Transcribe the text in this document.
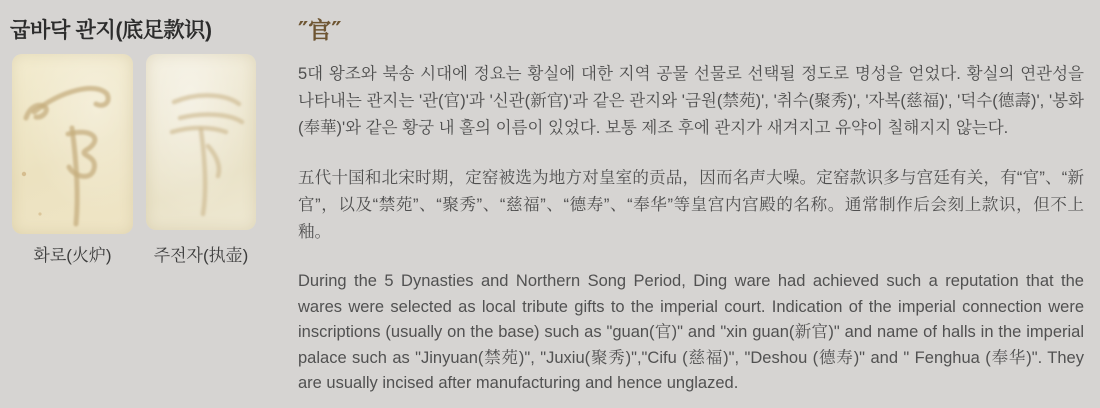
굽바닥 관지(底足款识)
화로(火炉)	주전자(执壶)
″官″

5대 왕조와 북송 시대에 정요는 황실에 대한 지역 공물 선물로 선택될 정도로 명성을 얻었다. 황실의 연관성을 나타내는 관지는 '관(官)'과 '신관(新官)'과 같은 관지와 '금원(禁苑)', '취수(聚秀)', '자복(慈福)', '덕수(德壽)', '봉화(奉華)'와 같은 황궁 내 홀의 이름이 있었다. 보통 제조 후에 관지가 새겨지고 유약이 칠해지지 않는다.

五代十国和北宋时期，定窑被选为地方对皇室的贡品，因而名声大噪。定窑款识多与宫廷有关，有“官”、“新官”，以及“禁苑”、“聚秀”、“慈福”、“德寿”、“奉华”等皇宫内宫殿的名称。通常制作后会刻上款识，但不上釉。

During the 5 Dynasties and Northern Song Period, Ding ware had achieved such a reputation that the wares were selected as local tribute gifts to the imperial court. Indication of the imperial connection were inscriptions (usually on the base) such as "guan(官)" and "xin guan(新官)" and name of halls in the imperial palace such as "Jinyuan(禁苑)", "Juxiu(聚秀)","Cifu (慈福)", "Deshou (德寿)" and " Fenghua (奉华)". They are usually incised after manufacturing and hence unglazed.
